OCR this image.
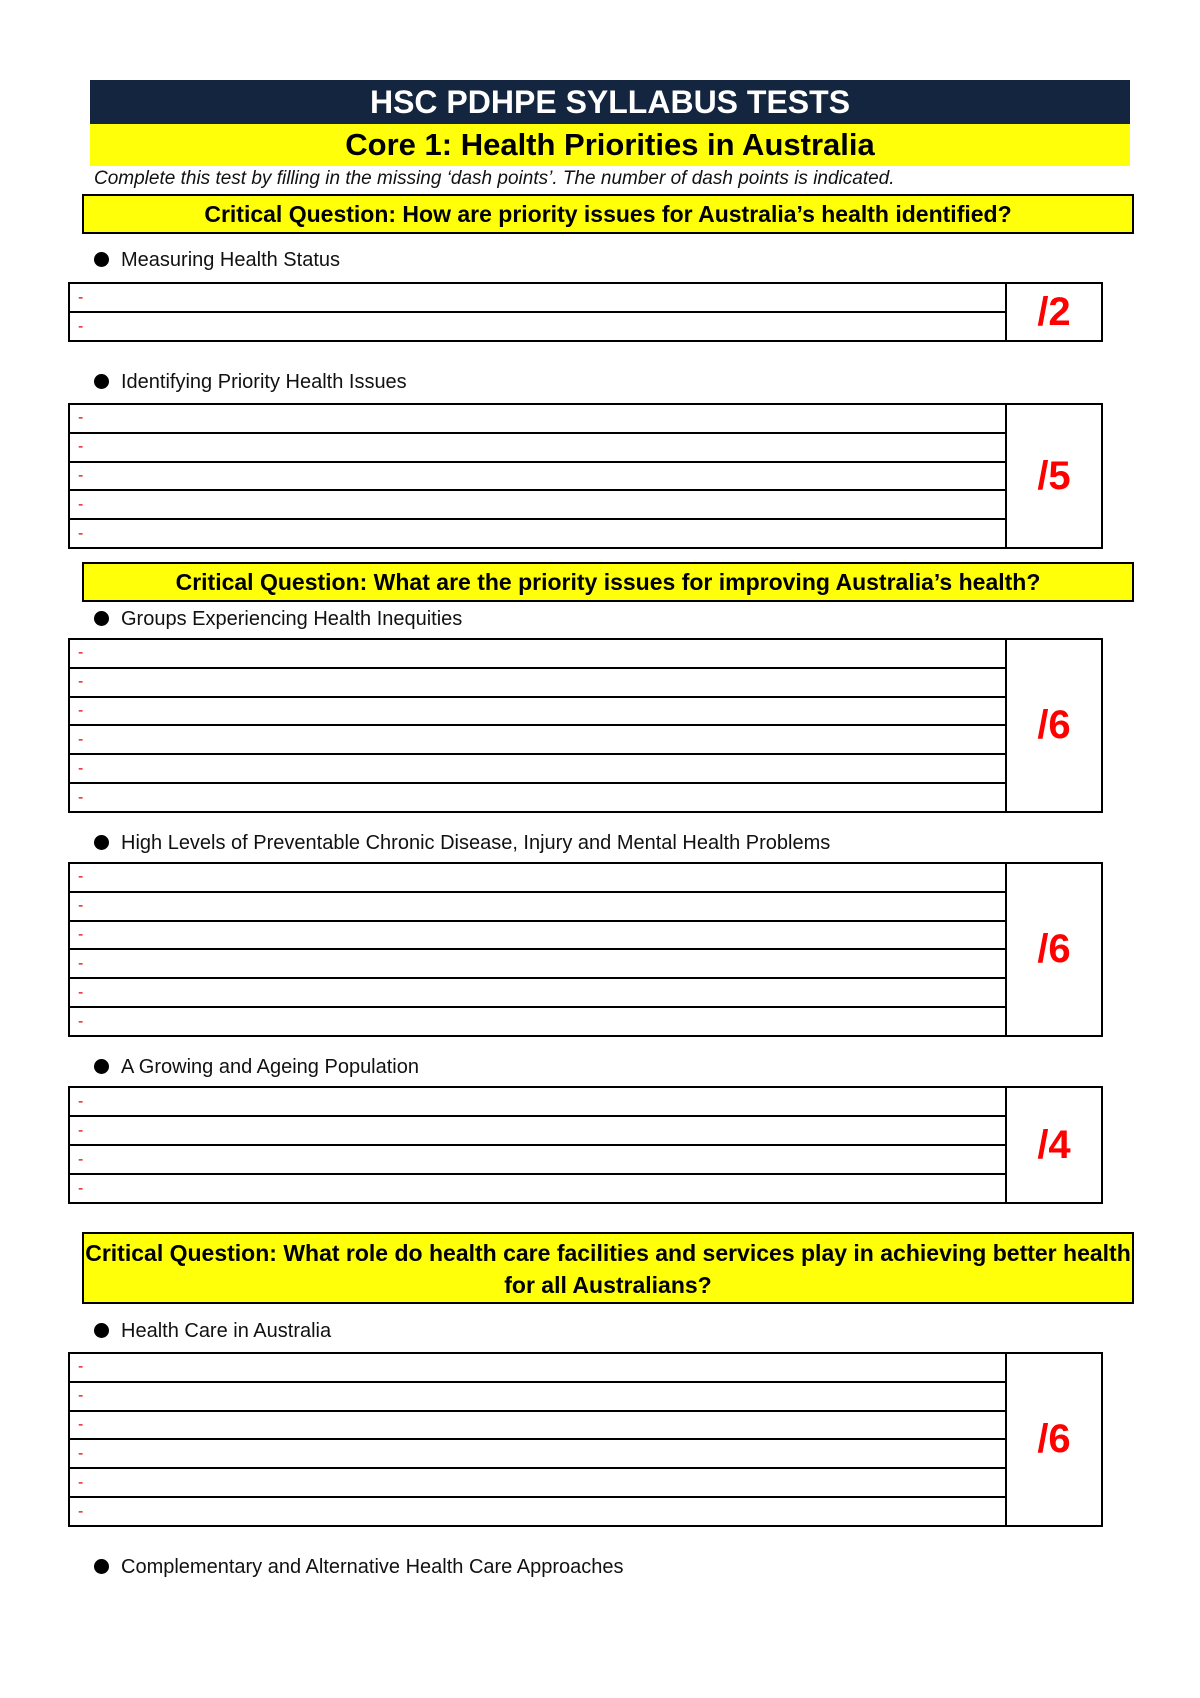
HSC PDHPE SYLLABUS TESTS
Core 1: Health Priorities in Australia
Complete this test by filling in the missing ‘dash points’. The number of dash points is indicated.
Critical Question: How are priority issues for Australia’s health identified?
Measuring Health Status
-
-	/2
Identifying Priority Health Issues
-
-
-
-
-
/5
Critical Question: What are the priority issues for improving Australia’s health?
Groups Experiencing Health Inequities
-
-
-
-
-
-
/6
High Levels of Preventable Chronic Disease, Injury and Mental Health Problems
-
-
-
-
-
-
/6
A Growing and Ageing Population
-
-
-
-
/4
Critical Question: What role do health care facilities and services play in achieving better health for all Australians?
Health Care in Australia
-
-
-
-
-
-
/6
Complementary and Alternative Health Care Approaches
